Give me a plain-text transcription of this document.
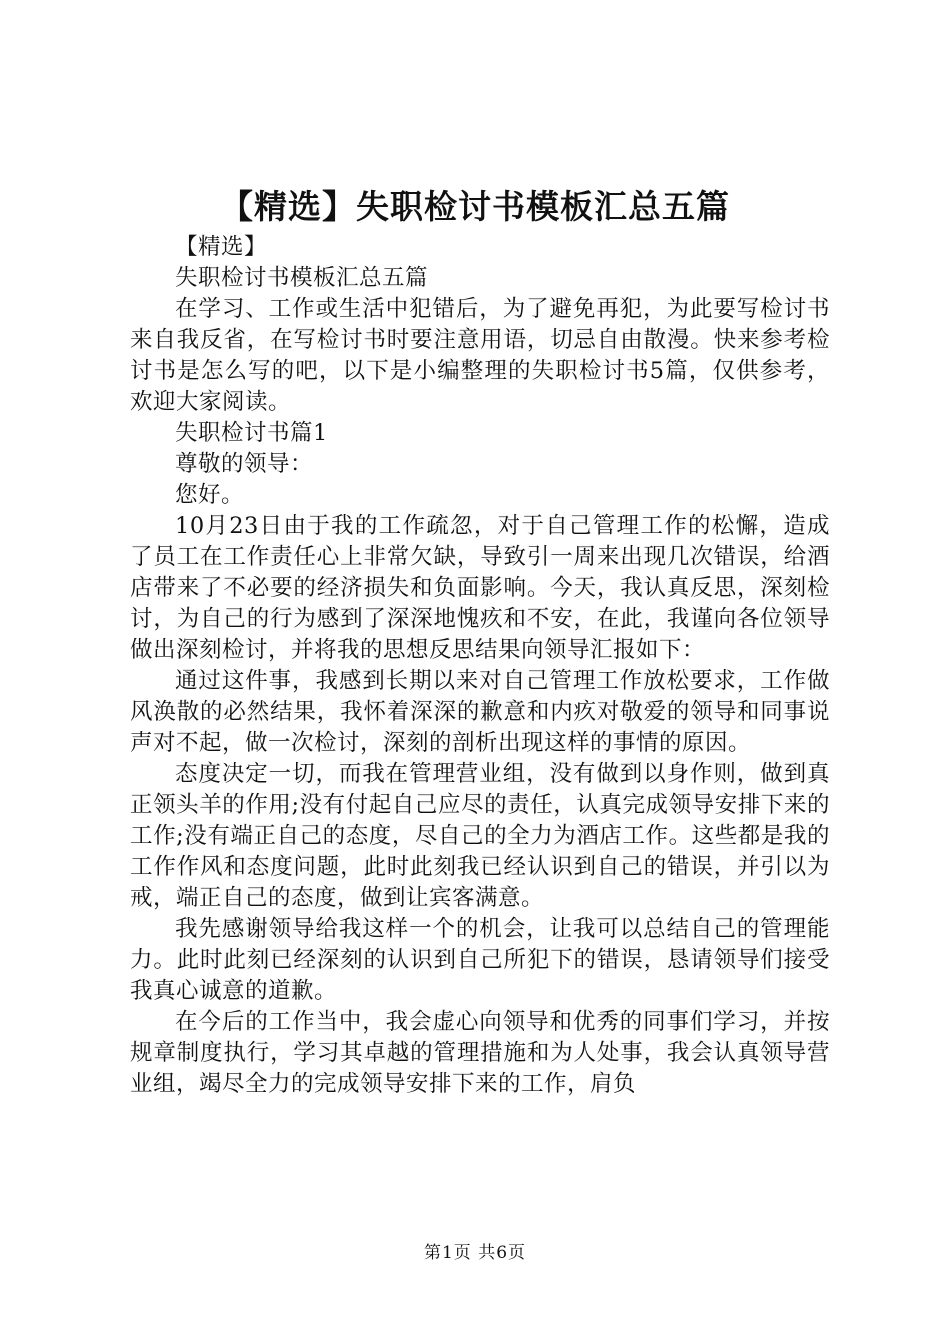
【精选】失职检讨书模板汇总五篇

【精选】

失职检讨书模板汇总五篇

在学习、工作或生活中犯错后，为了避免再犯，为此要写检讨书来自我反省，在写检讨书时要注意用语，切忌自由散漫。快来参考检讨书是怎么写的吧，以下是小编整理的失职检讨书5篇，仅供参考，欢迎大家阅读。

失职检讨书篇1

尊敬的领导：

您好。

10月23日由于我的工作疏忽，对于自己管理工作的松懈，造成了员工在工作责任心上非常欠缺，导致引一周来出现几次错误，给酒店带来了不必要的经济损失和负面影响。今天，我认真反思，深刻检讨，为自己的行为感到了深深地愧疚和不安，在此，我谨向各位领导做出深刻检讨，并将我的思想反思结果向领导汇报如下：

通过这件事，我感到长期以来对自己管理工作放松要求，工作做风涣散的必然结果，我怀着深深的歉意和内疚对敬爱的领导和同事说声对不起，做一次检讨，深刻的剖析出现这样的事情的原因。

态度决定一切，而我在管理营业组，没有做到以身作则，做到真正领头羊的作用;没有付起自己应尽的责任，认真完成领导安排下来的工作;没有端正自己的态度，尽自己的全力为酒店工作。这些都是我的工作作风和态度问题，此时此刻我已经认识到自己的错误，并引以为戒，端正自己的态度，做到让宾客满意。

我先感谢领导给我这样一个的机会，让我可以总结自己的管理能力。此时此刻已经深刻的认识到自己所犯下的错误，恳请领导们接受我真心诚意的道歉。

在今后的工作当中，我会虚心向领导和优秀的同事们学习，并按规章制度执行，学习其卓越的管理措施和为人处事，我会认真领导营业组，竭尽全力的完成领导安排下来的工作，肩负

第1页 共6页
